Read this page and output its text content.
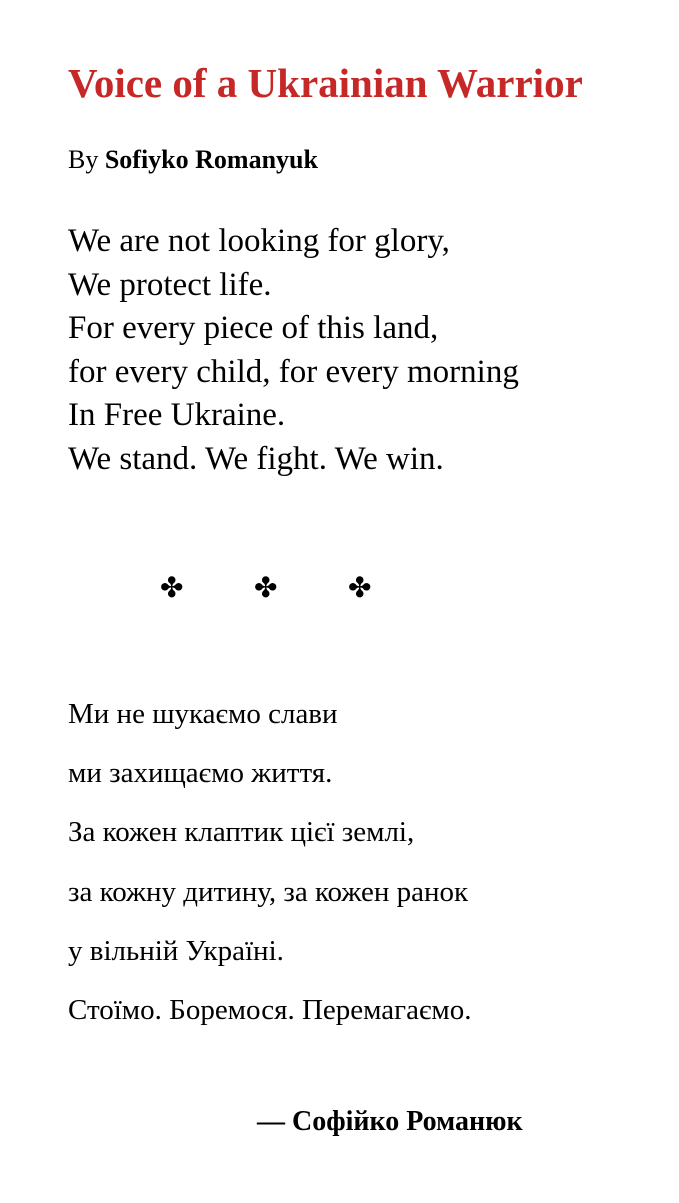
Voice of a Ukrainian Warrior
By Sofiyko Romanyuk
We are not looking for glory,
We protect life.
For every piece of this land,
for every child, for every morning
In Free Ukraine.
We stand. We fight. We win.
✤	✤	✤
Ми не шукаємо слави
ми захищаємо життя.
За кожен клаптик цієї землі,
за кожну дитину, за кожен ранок
у вільній Україні.
Стоїмо. Боремося. Перемагаємо.
— Софійко Романюк
